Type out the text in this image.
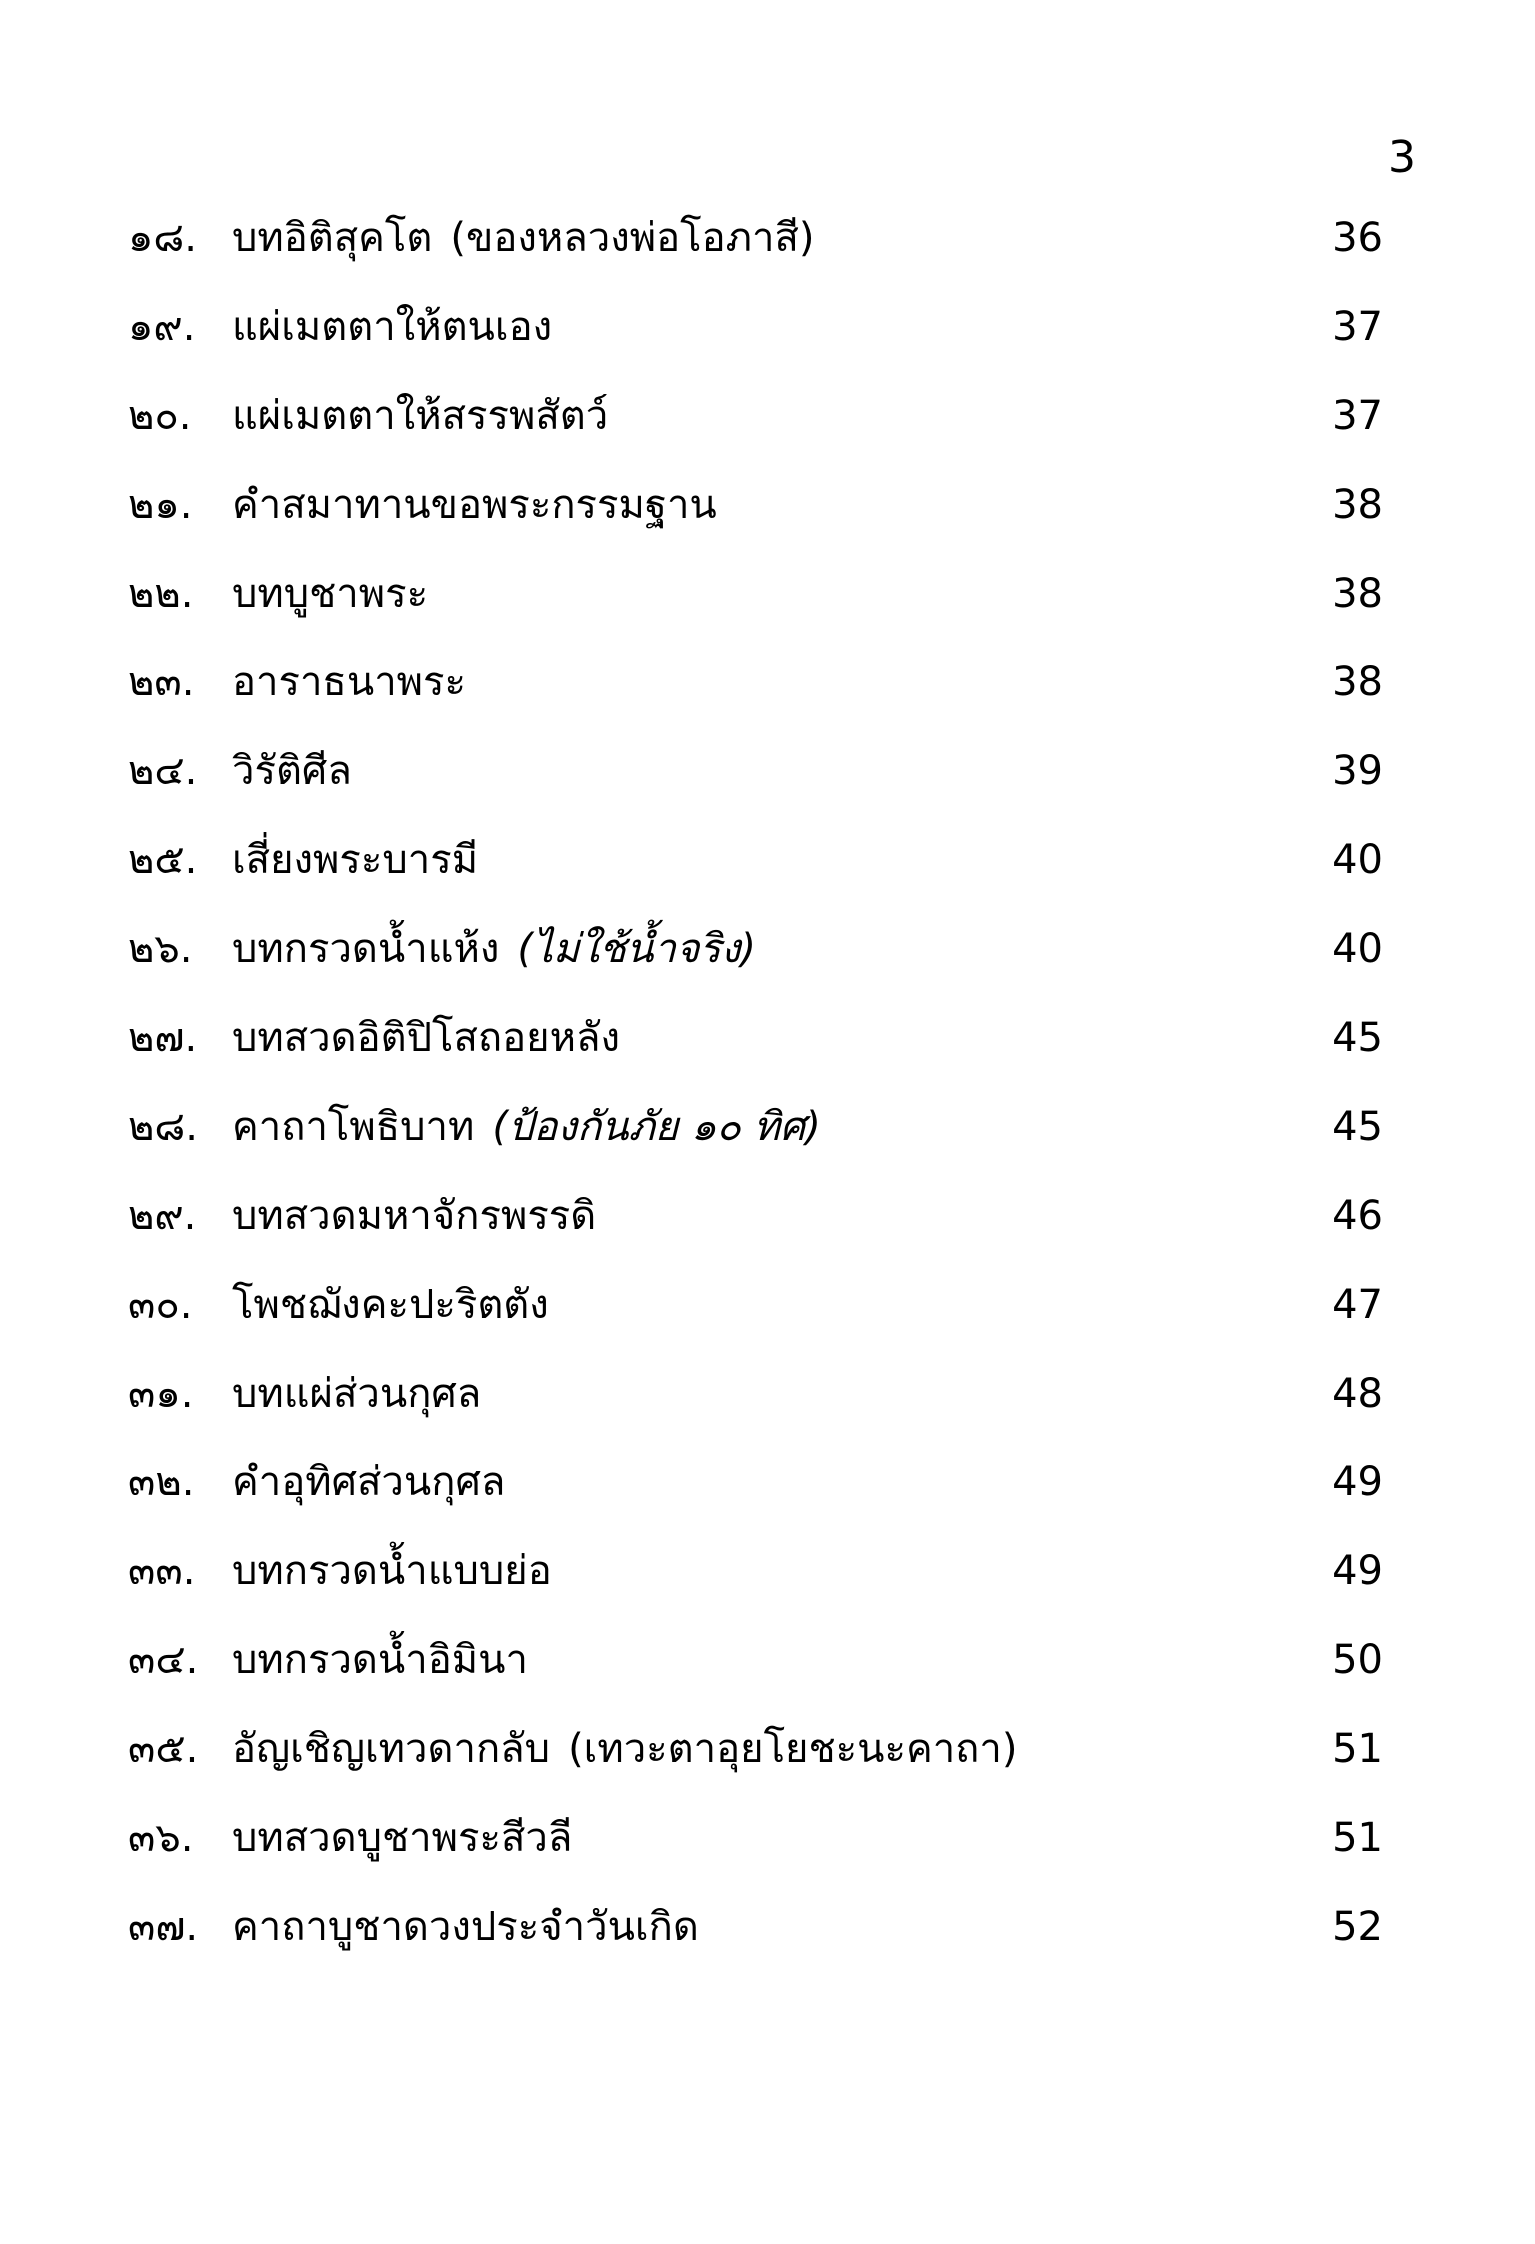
3
๑๘. บทอิติสุคโต (ของหลวงพ่อโอภาสี)	36
๑๙. แผ่เมตตาให้ตนเอง	37
๒๐. แผ่เมตตาให้สรรพสัตว์	37
๒๑. คำสมาทานขอพระกรรมฐาน	38
๒๒. บทบูชาพระ	38
๒๓. อาราธนาพระ	38
๒๔. วิรัติศีล	39
๒๕. เสี่ยงพระบารมี	40
๒๖. บทกรวดน้ำแห้ง (ไม่ใช้น้ำจริง)	40
๒๗. บทสวดอิติปิโสถอยหลัง	45
๒๘. คาถาโพธิบาท (ป้องกันภัย ๑๐ ทิศ)	45
๒๙. บทสวดมหาจักรพรรดิ	46
๓๐. โพชฌังคะปะริตตัง	47
๓๑. บทแผ่ส่วนกุศล	48
๓๒. คำอุทิศส่วนกุศล	49
๓๓. บทกรวดน้ำแบบย่อ	49
๓๔. บทกรวดน้ำอิมินา	50
๓๕. อัญเชิญเทวดากลับ (เทวะตาอุยโยชะนะคาถา)	51
๓๖. บทสวดบูชาพระสีวลี	51
๓๗. คาถาบูชาดวงประจำวันเกิด	52
